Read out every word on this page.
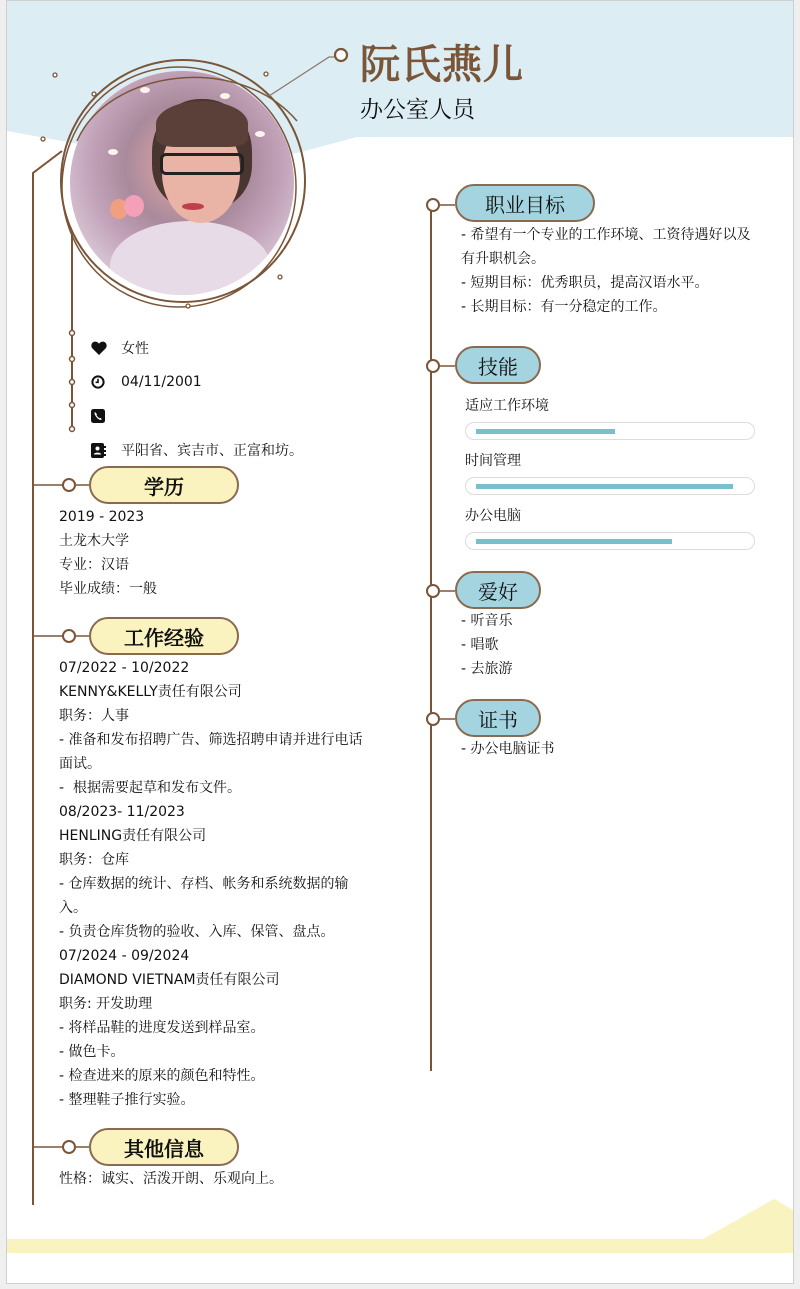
阮氏燕儿
办公室人员
女性
04/11/2001
平阳省、宾吉市、正富和坊。
学历
2019 - 2023
土龙木大学
专业：汉语
毕业成绩：一般
工作经验
07/2022 - 10/2022
KENNY&KELLY责任有限公司
职务：人事
- 准备和发布招聘广告、筛选招聘申请并进行电话
面试。
-  根据需要起草和发布文件。
08/2023- 11/2023
HENLING责任有限公司
职务：仓库
- 仓库数据的统计、存档、帐务和系统数据的输
入。
- 负责仓库货物的验收、入库、保管、盘点。
07/2024 - 09/2024
DIAMOND VIETNAM责任有限公司
职务: 开发助理
- 将样品鞋的进度发送到样品室。
- 做色卡。
- 检查进来的原来的颜色和特性。
- 整理鞋子推行实验。
其他信息
性格：诚实、活泼开朗、乐观向上。
职业目标
- 希望有一个专业的工作环境、工资待遇好以及
有升职机会。
- 短期目标：优秀职员，提高汉语水平。
- 长期目标：有一分稳定的工作。
技能
适应工作环境
时间管理
办公电脑
爱好
- 听音乐
- 唱歌
- 去旅游
证书
- 办公电脑证书
